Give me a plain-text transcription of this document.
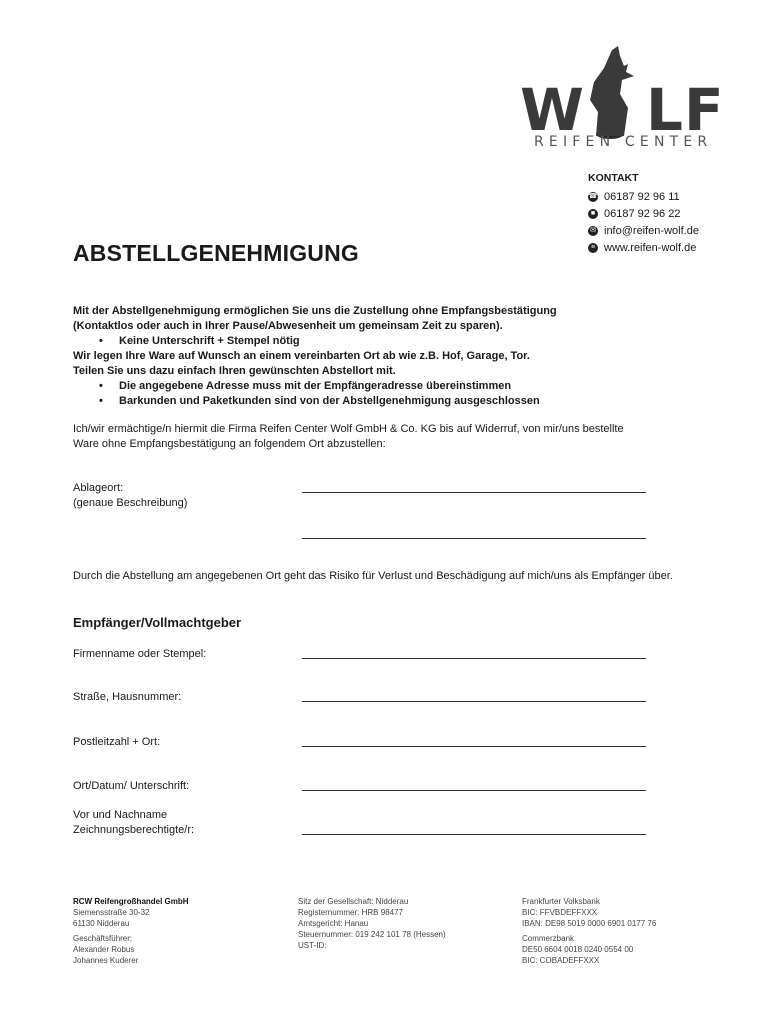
W LF
REIFEN CENTER
KONTAKT
☎ 06187 92 96 11
■ 06187 92 96 22
✉ info@reifen-wolf.de
≡ www.reifen-wolf.de
ABSTELLGENEHMIGUNG
Mit der Abstellgenehmigung ermöglichen Sie uns die Zustellung ohne Empfangsbestätigung
(Kontaktlos oder auch in Ihrer Pause/Abwesenheit um gemeinsam Zeit zu sparen).
• Keine Unterschrift + Stempel nötig
Wir legen Ihre Ware auf Wunsch an einem vereinbarten Ort ab wie z.B. Hof, Garage, Tor.
Teilen Sie uns dazu einfach Ihren gewünschten Abstellort mit.
• Die angegebene Adresse muss mit der Empfängeradresse übereinstimmen
• Barkunden und Paketkunden sind von der Abstellgenehmigung ausgeschlossen
Ich/wir ermächtige/n hiermit die Firma Reifen Center Wolf GmbH & Co. KG bis auf Widerruf, von mir/uns bestellte
Ware ohne Empfangsbestätigung an folgendem Ort abzustellen:
Ablageort:
(genaue Beschreibung)
Durch die Abstellung am angegebenen Ort geht das Risiko für Verlust und Beschädigung auf mich/uns als Empfänger über.
Empfänger/Vollmachtgeber
Firmenname oder Stempel:
Straße, Hausnummer:
Postleitzahl + Ort:
Ort/Datum/ Unterschrift:
Vor und Nachname
Zeichnungsberechtigte/r:
RCW Reifengroßhandel GmbH
Siemensstraße 30-32
61130 Nidderau
Geschäftsführer:
Alexander Robus
Johannes Kuderer
Sitz der Gesellschaft: Nidderau
Registernummer: HRB 98477
Amtsgericht: Hanau
Steuernummer: 019 242 101 78 (Hessen)
UST-ID:
Frankfurter Volksbank
BIC: FFVBDEFFXXX
IBAN: DE98 5019 0000 6901 0177 76
Commerzbank
DE50 6604 0018 0240 0554 00
BIC: COBADEFFXXX
